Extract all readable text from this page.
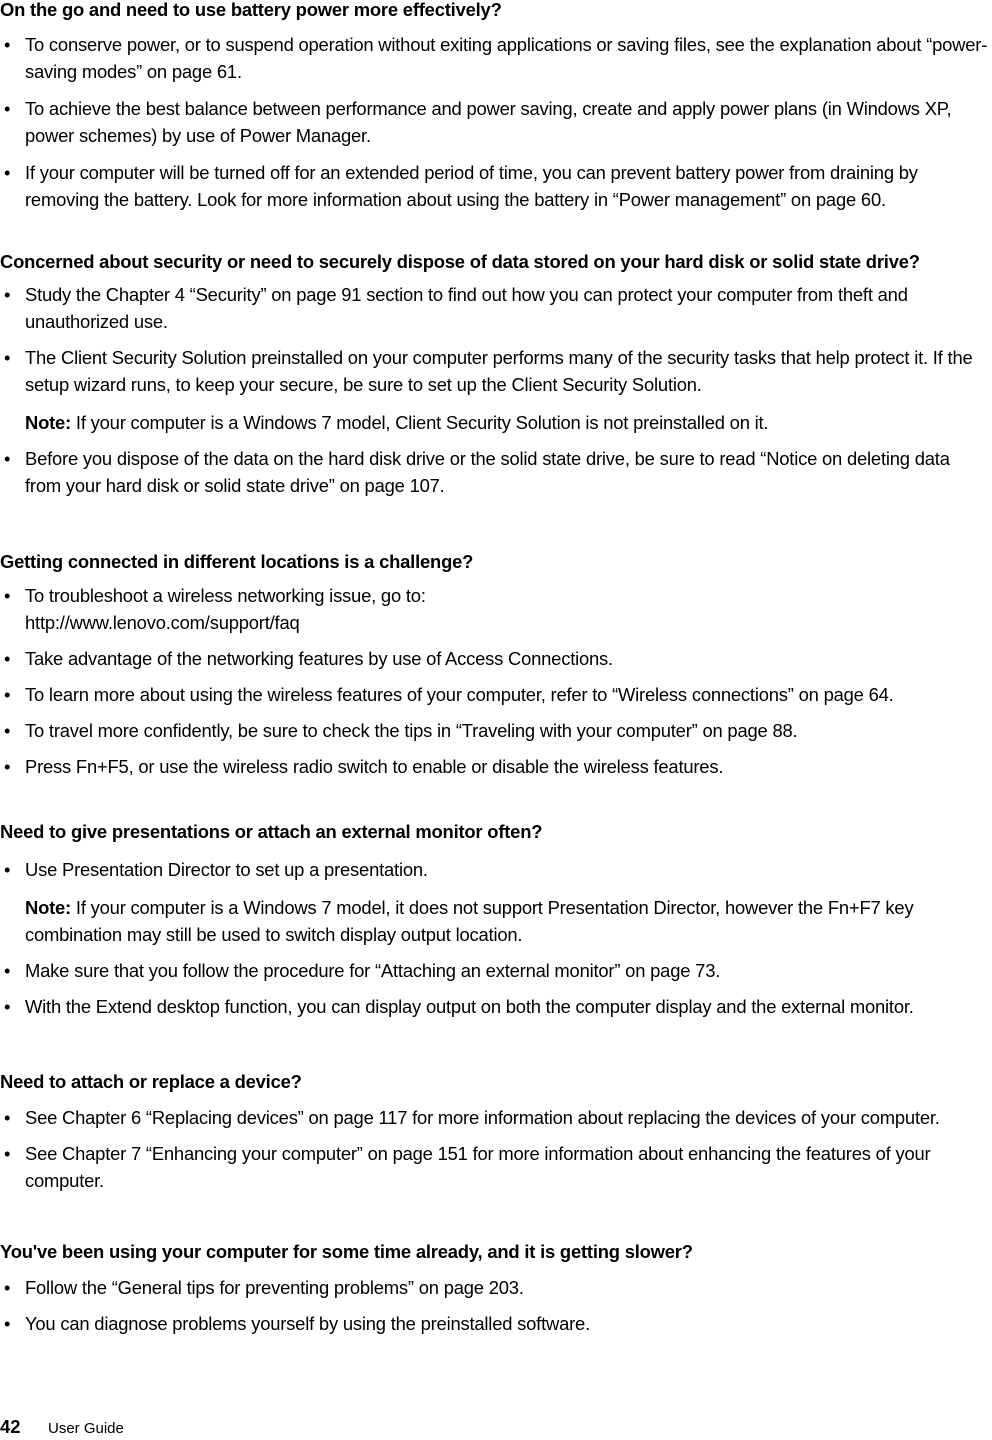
On the go and need to use battery power more effectively?

• To conserve power, or to suspend operation without exiting applications or saving files, see the explanation about “power-saving modes” on page 61.
• To achieve the best balance between performance and power saving, create and apply power plans (in Windows XP, power schemes) by use of Power Manager.
• If your computer will be turned off for an extended period of time, you can prevent battery power from draining by removing the battery. Look for more information about using the battery in “Power management” on page 60.

Concerned about security or need to securely dispose of data stored on your hard disk or solid state drive?

• Study the Chapter 4 “Security” on page 91 section to find out how you can protect your computer from theft and unauthorized use.
• The Client Security Solution preinstalled on your computer performs many of the security tasks that help protect it. If the setup wizard runs, to keep your secure, be sure to set up the Client Security Solution.
Note: If your computer is a Windows 7 model, Client Security Solution is not preinstalled on it.
• Before you dispose of the data on the hard disk drive or the solid state drive, be sure to read “Notice on deleting data from your hard disk or solid state drive” on page 107.

Getting connected in different locations is a challenge?

• To troubleshoot a wireless networking issue, go to:
http://www.lenovo.com/support/faq
• Take advantage of the networking features by use of Access Connections.
• To learn more about using the wireless features of your computer, refer to “Wireless connections” on page 64.
• To travel more confidently, be sure to check the tips in “Traveling with your computer” on page 88.
• Press Fn+F5, or use the wireless radio switch to enable or disable the wireless features.

Need to give presentations or attach an external monitor often?

• Use Presentation Director to set up a presentation.
Note: If your computer is a Windows 7 model, it does not support Presentation Director, however the Fn+F7 key combination may still be used to switch display output location.
• Make sure that you follow the procedure for “Attaching an external monitor” on page 73.
• With the Extend desktop function, you can display output on both the computer display and the external monitor.

Need to attach or replace a device?

• See Chapter 6 “Replacing devices” on page 117 for more information about replacing the devices of your computer.
• See Chapter 7 “Enhancing your computer” on page 151 for more information about enhancing the features of your computer.

You've been using your computer for some time already, and it is getting slower?

• Follow the “General tips for preventing problems” on page 203.
• You can diagnose problems yourself by using the preinstalled software.
42 User Guide
